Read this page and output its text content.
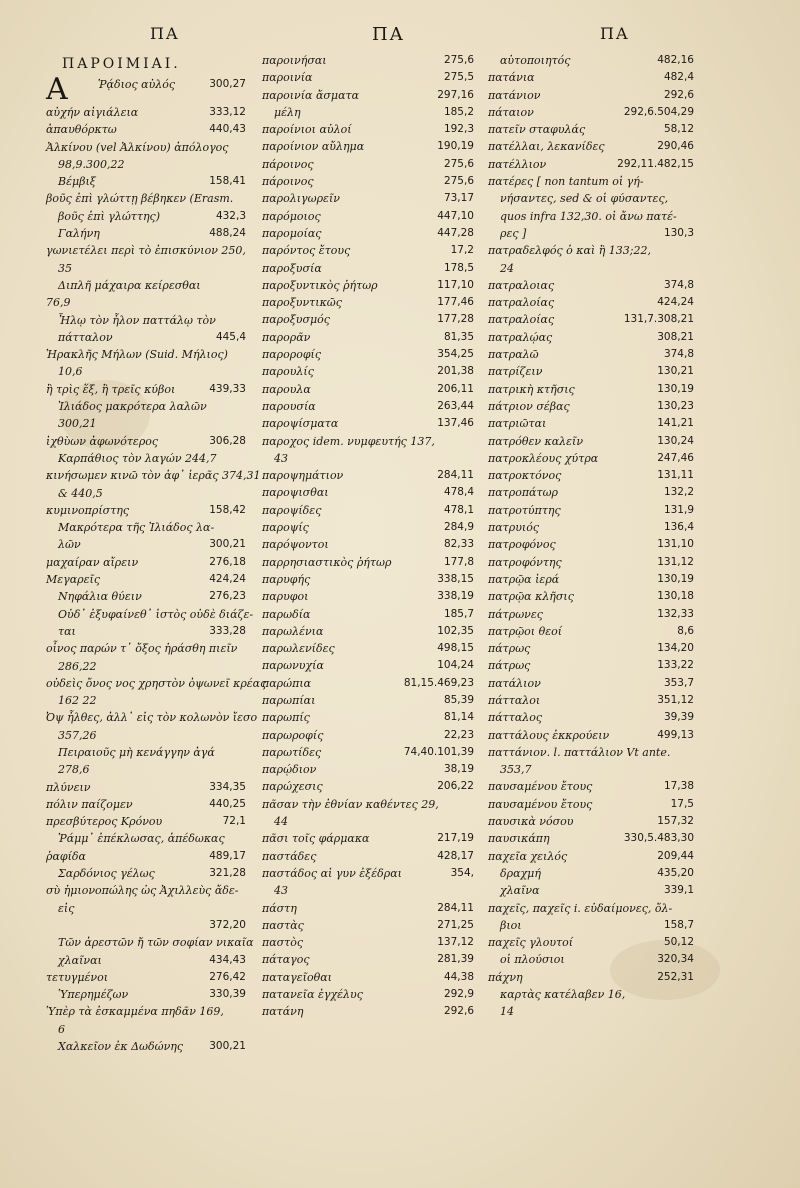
ΠΑ	ΠΑ	ΠΑ
ΠΑΡΟΙΜΙΑΙ.
Α	Ῥᾴδιος αὐλός	300,27
αὐχήν αἰγιάλεια	333,12
ἀπαυθόρκτω	440,43
Ἀλκίνου (vel Ἀλκίνου) ἀπόλογος
98,9.300,22
Βέμβιξ	158,41
βοῦς ἐπὶ γλώττῃ βέβηκεν (Erasm.
βοῦς ἐπὶ γλώττης)	432,3
Γαλήνη	488,24
γωνιετέλει περὶ τὸ ἐπισκύνιον 250,
35
Διπλῆ μάχαιρα κείρεσθαι
76,9
Ἦλῳ τὸν ἧλον παττάλῳ τὸν
πάτταλον	445,4
Ἡρακλῆς Μήλων (Suid. Μήλιος)
10,6
ἢ τρὶς ἕξ, ἢ τρεῖς κύβοι	439,33
Ἰλιάδος μακρότερα λαλῶν
300,21
ἰχθὺων ἀφωνότερος	306,28
Καρπάθιος τὸν λαγών 244,7
κινήσωμεν κινῶ τὸν ἀφ᾽ ἱερᾶς 374,31
& 440,5
κυμινοπρίστης	158,42
Μακρότερα τῆς Ἰλιάδος λα-
λῶν	300,21
μαχαίραν αἴρειν	276,18
Μεγαρεῖς	424,24
Νηφάλια θύειν	276,23
Οὐδ᾽ ἐξυφαίνεθ᾽ ἱστὸς οὐδὲ διάζε-
ται	333,28
οἶνος παρών τ᾽ ὄξος ἠράσθη πιεῖν
286,22
οὐδεὶς ὄνος νος χρηστὸν ὀψωνεῖ κρέας
162 22
Ὀψ ἦλθες, ἀλλ᾽ εἰς τὸν κολωνὸν ἴεσο
357,26
Πειραιοῦς μὴ κενάγγην ἀγά
278,6
πλύνειν	334,35
πόλιν παίζομεν	440,25
πρεσβύτερος Κρόνου	72,1
Ῥάμμ᾽ ἐπέκλωσας, ἀπέδωκας
ῥαφίδα	489,17
Σαρδόνιος γέλως	321,28
σὺ ἡμιονοπώλης ὡς Ἀχιλλεὺς ἄδε-
εἰς
372,20
Τῶν ἀρεστῶν ἤ τῶν σοφίαν νικαῖα
χλαῖναι	434,43
τετυγμένοι	276,42
Ὑπερημέζων	330,39
Ὑπὲρ τὰ ἐσκαμμένα πηδᾶν 169,
6
Χαλκεῖον ἐκ Δωδώνης	300,21
παροινήσαι	275,6
παροινία	275,5
παροινία ἄσματα	297,16
μέλη	185,2
παροίνιοι αὐλοί	192,3
παροίνιον αὔλημα	190,19
πάροινος	275,6
πάροινος	275,6
παρολιγωρεῖν	73,17
παρόμοιος	447,10
παρομοίας	447,28
παρόντος ἔτους	17,2
παροξυσία	178,5
παροξυντικὸς ῥήτωρ	117,10
παροξυντικῶς	177,46
παροξυσμός	177,28
παρορᾶν	81,35
παροροφίς	354,25
παρουλίς	201,38
παρουλα	206,11
παρουσία	263,44
παροψίσματα	137,46
παροχος idem. νυμφευτής 137,
43
παροψημάτιον	284,11
παροψισθαι	478,4
παροψίδες	478,1
παροψίς	284,9
παρόψοντοι	82,33
παρρησιαστικὸς ῥήτωρ	177,8
παρυφής	338,15
παρυφοι	338,19
παρωδία	185,7
παρωλένια	102,35
παρωλενίδες	498,15
παρωνυχία	104,24
παρώπια	81,15.469,23
παρωπίαι	85,39
παρωπίς	81,14
παρωροφίς	22,23
παρωτίδες	74,40.101,39
παρῴδιον	38,19
παρώχεσις	206,22
πᾶσαν τὴν ἐθνίαν καθέντες 29,
44
πᾶσι τοῖς φάρμακα	217,19
παστάδες	428,17
παστάδος αἱ γυν ἐξέδραι	354,
43
πάστη	284,11
παστὰς	271,25
παστὸς	137,12
πάταγος	281,39
παταγεῖοθαι	44,38
πατανεῖα ἐγχέλυς	292,9
πατάνη	292,6
αὐτοποιητός	482,16
πατάνια	482,4
πατάνιον	292,6
πάταιον	292,6.504,29
πατεῖν σταφυλάς	58,12
πατέλλαι, λεκανίδες	290,46
πατέλλιον	292,11.482,15
πατέρες [ non tantum οἱ γή-
νήσαντες, sed & οἱ φύσαντες,
quos infra 132,30. οἱ ἄνω πατέ-
ρες ]	130,3
πατραδελφός ὁ καὶ ἢ 133;22,
24
πατραλοιας	374,8
πατραλοίας	424,24
πατραλοίας	131,7.308,21
πατραλῴας	308,21
πατραλῶ	374,8
πατρίζειν	130,21
πατρικὴ κτῆσις	130,19
πάτριον σέβας	130,23
πατριῶται	141,21
πατρόθεν καλεῖν	130,24
πατροκλέους χύτρα	247,46
πατροκτόνος	131,11
πατροπάτωρ	132,2
πατροτύπτης	131,9
πατρυιός	136,4
πατροφόνος	131,10
πατροφόντης	131,12
πατρῷα ἱερά	130,19
πατρῷα κλῆσις	130,18
πάτρωνες	132,33
πατρῷοι θεοί	8,6
πάτρως	134,20
πάτρως	133,22
πατάλιον	353,7
πάτταλοι	351,12
πάτταλος	39,39
παττάλους ἐκκρούειν	499,13
παττάνιον. l. παττάλιον Vt ante.
353,7
παυσαμένου ἔτους	17,38
παυσαμένου ἔτους	17,5
παυσικὰ νόσου	157,32
παυσικάπη	330,5.483,30
παχεῖα χειλός	209,44
δραχμή	435,20
χλαῖνα	339,1
παχεῖς, παχεῖς i. εὐδαίμονες, ὄλ-
βιοι	158,7
παχεῖς γλουτοί	50,12
οἱ πλούσιοι	320,34
πάχνη	252,31
καρτὰς κατέλαβεν 16,
14
